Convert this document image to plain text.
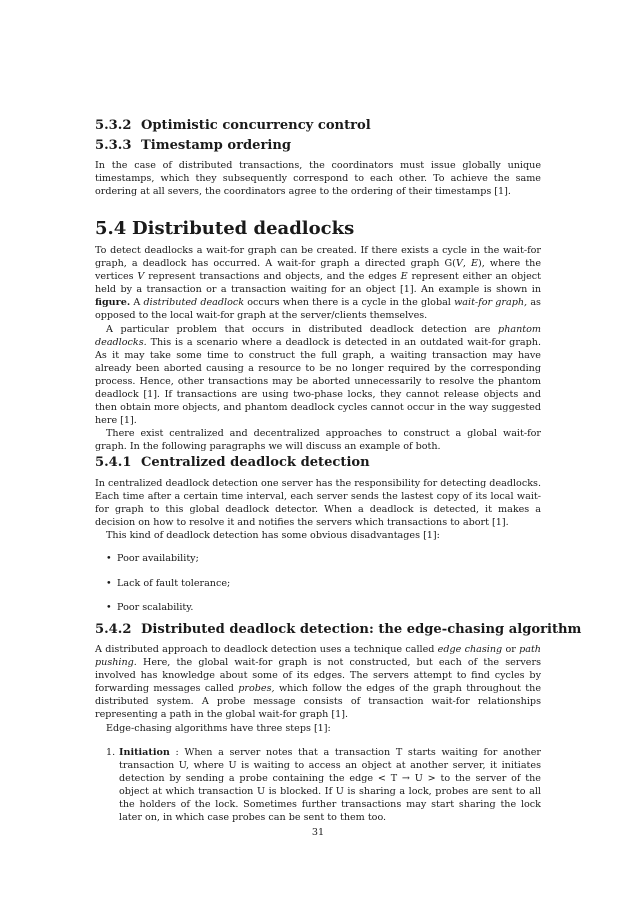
5.3.2 Optimistic concurrency control
5.3.3 Timestamp ordering

In the case of distributed transactions, the coordinators must issue globally unique timestamps, which they subsequently correspond to each other. To achieve the same ordering at all severs, the coordinators agree to the ordering of their timestamps [1].

5.4 Distributed deadlocks

To detect deadlocks a wait-for graph can be created. If there exists a cycle in the wait-for graph, a deadlock has occurred. A wait-for graph a directed graph G(V, E), where the vertices V represent transactions and objects, and the edges E represent either an object held by a transaction or a transaction waiting for an object [1]. An example is shown in figure. A distributed deadlock occurs when there is a cycle in the global wait-for graph, as opposed to the local wait-for graph at the server/clients themselves.

A particular problem that occurs in distributed deadlock detection are phantom deadlocks. This is a scenario where a deadlock is detected in an outdated wait-for graph. As it may take some time to construct the full graph, a waiting transaction may have already been aborted causing a resource to be no longer required by the corresponding process. Hence, other transactions may be aborted unnecessarily to resolve the phantom deadlock [1]. If transactions are using two-phase locks, they cannot release objects and then obtain more objects, and phantom deadlock cycles cannot occur in the way suggested here [1].

There exist centralized and decentralized approaches to construct a global wait-for graph. In the following paragraphs we will discuss an example of both.

5.4.1 Centralized deadlock detection

In centralized deadlock detection one server has the responsibility for detecting deadlocks. Each time after a certain time interval, each server sends the lastest copy of its local wait-for graph to this global deadlock detector. When a deadlock is detected, it makes a decision on how to resolve it and notifies the servers which transactions to abort [1].

This kind of deadlock detection has some obvious disadvantages [1]:

• Poor availability;
• Lack of fault tolerance;
• Poor scalability.
5.4.2 Distributed deadlock detection: the edge-chasing algorithm

A distributed approach to deadlock detection uses a technique called edge chasing or path pushing. Here, the global wait-for graph is not constructed, but each of the servers involved has knowledge about some of its edges. The servers attempt to find cycles by forwarding messages called probes, which follow the edges of the graph throughout the distributed system. A probe message consists of transaction wait-for relationships representing a path in the global wait-for graph [1].

Edge-chasing algorithms have three steps [1]:

1. Initiation : When a server notes that a transaction T starts waiting for another transaction U, where U is waiting to access an object at another server, it initiates detection by sending a probe containing the edge < T → U > to the server of the object at which transaction U is blocked. If U is sharing a lock, probes are sent to all the holders of the lock. Sometimes further transactions may start sharing the lock later on, in which case probes can be sent to them too.
31
